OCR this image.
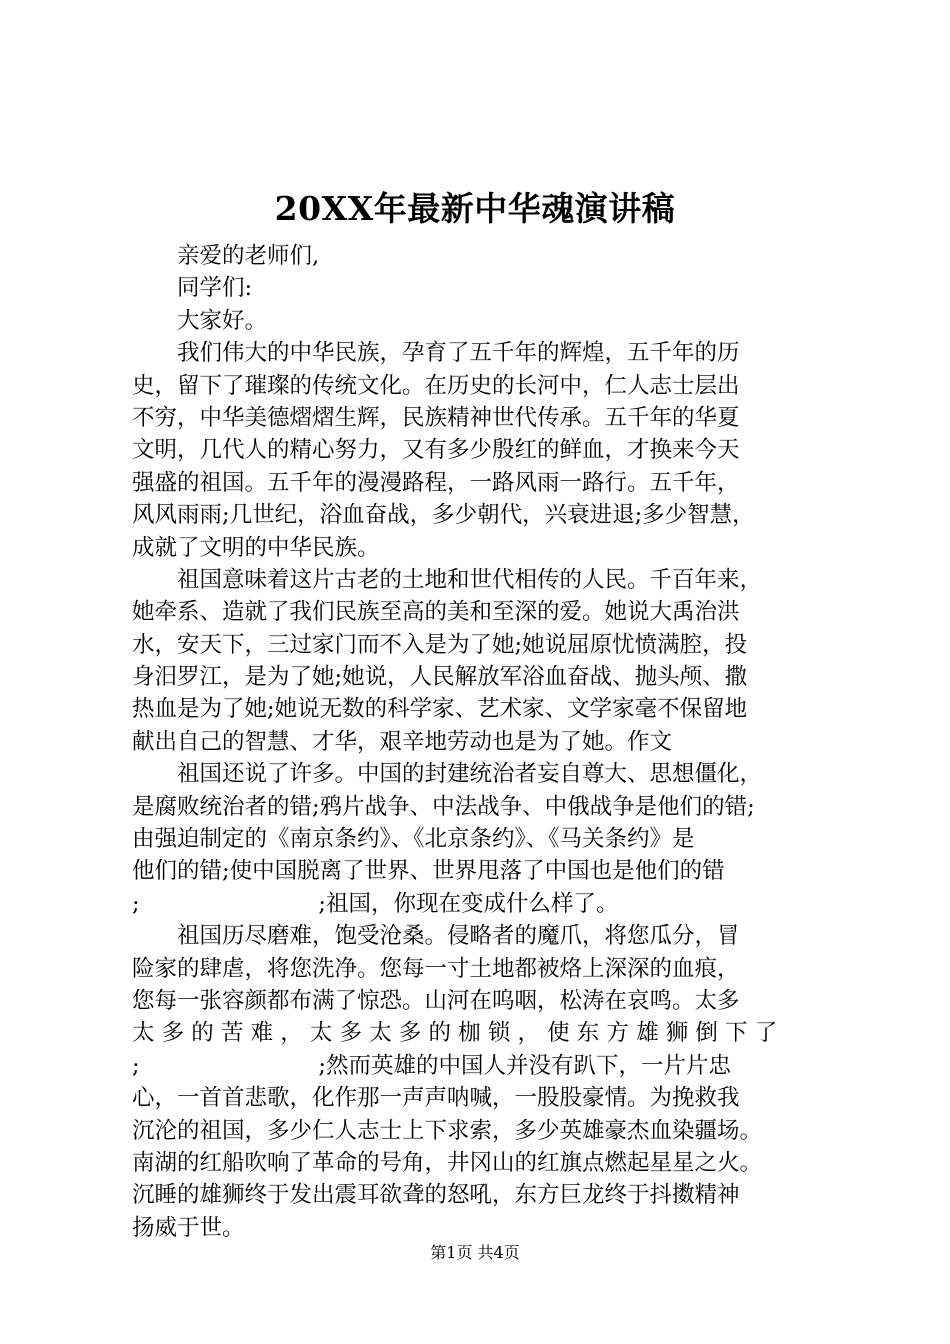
20XX年最新中华魂演讲稿
亲爱的老师们,
同学们:
大家好。
我们伟大的中华民族，孕育了五千年的辉煌，五千年的历
史，留下了璀璨的传统文化。在历史的长河中，仁人志士层出
不穷，中华美德熠熠生辉，民族精神世代传承。五千年的华夏
文明，几代人的精心努力，又有多少殷红的鲜血，才换来今天
强盛的祖国。五千年的漫漫路程，一路风雨一路行。五千年，
风风雨雨;几世纪，浴血奋战，多少朝代，兴衰进退;多少智慧，
成就了文明的中华民族。
祖国意味着这片古老的土地和世代相传的人民。千百年来，
她牵系、造就了我们民族至高的美和至深的爱。她说大禹治洪
水，安天下，三过家门而不入是为了她;她说屈原忧愤满腔，投
身汨罗江，是为了她;她说，人民解放军浴血奋战、抛头颅、撒
热血是为了她;她说无数的科学家、艺术家、文学家毫不保留地
献出自己的智慧、才华，艰辛地劳动也是为了她。作文
祖国还说了许多。中国的封建统治者妄自尊大、思想僵化，
是腐败统治者的错;鸦片战争、中法战争、中俄战争是他们的错;
由强迫制定的《南京条约》、《北京条约》、《马关条约》是
他们的错;使中国脱离了世界、世界甩落了中国也是他们的错
;                         ;祖国，你现在变成什么样了。
祖国历尽磨难，饱受沧桑。侵略者的魔爪，将您瓜分，冒
险家的肆虐，将您洗净。您每一寸土地都被烙上深深的血痕，
您每一张容颜都布满了惊恐。山河在呜咽，松涛在哀鸣。太多
太 多 的 苦 难 ， 太 多 太 多 的 枷 锁 ， 使 东 方 雄 狮 倒 下 了
;                         ;然而英雄的中国人并没有趴下，一片片忠
心，一首首悲歌，化作那一声声呐喊，一股股豪情。为挽救我
沉沦的祖国，多少仁人志士上下求索，多少英雄豪杰血染疆场。
南湖的红船吹响了革命的号角，井冈山的红旗点燃起星星之火。
沉睡的雄狮终于发出震耳欲聋的怒吼，东方巨龙终于抖擞精神
扬威于世。
第1页 共4页
